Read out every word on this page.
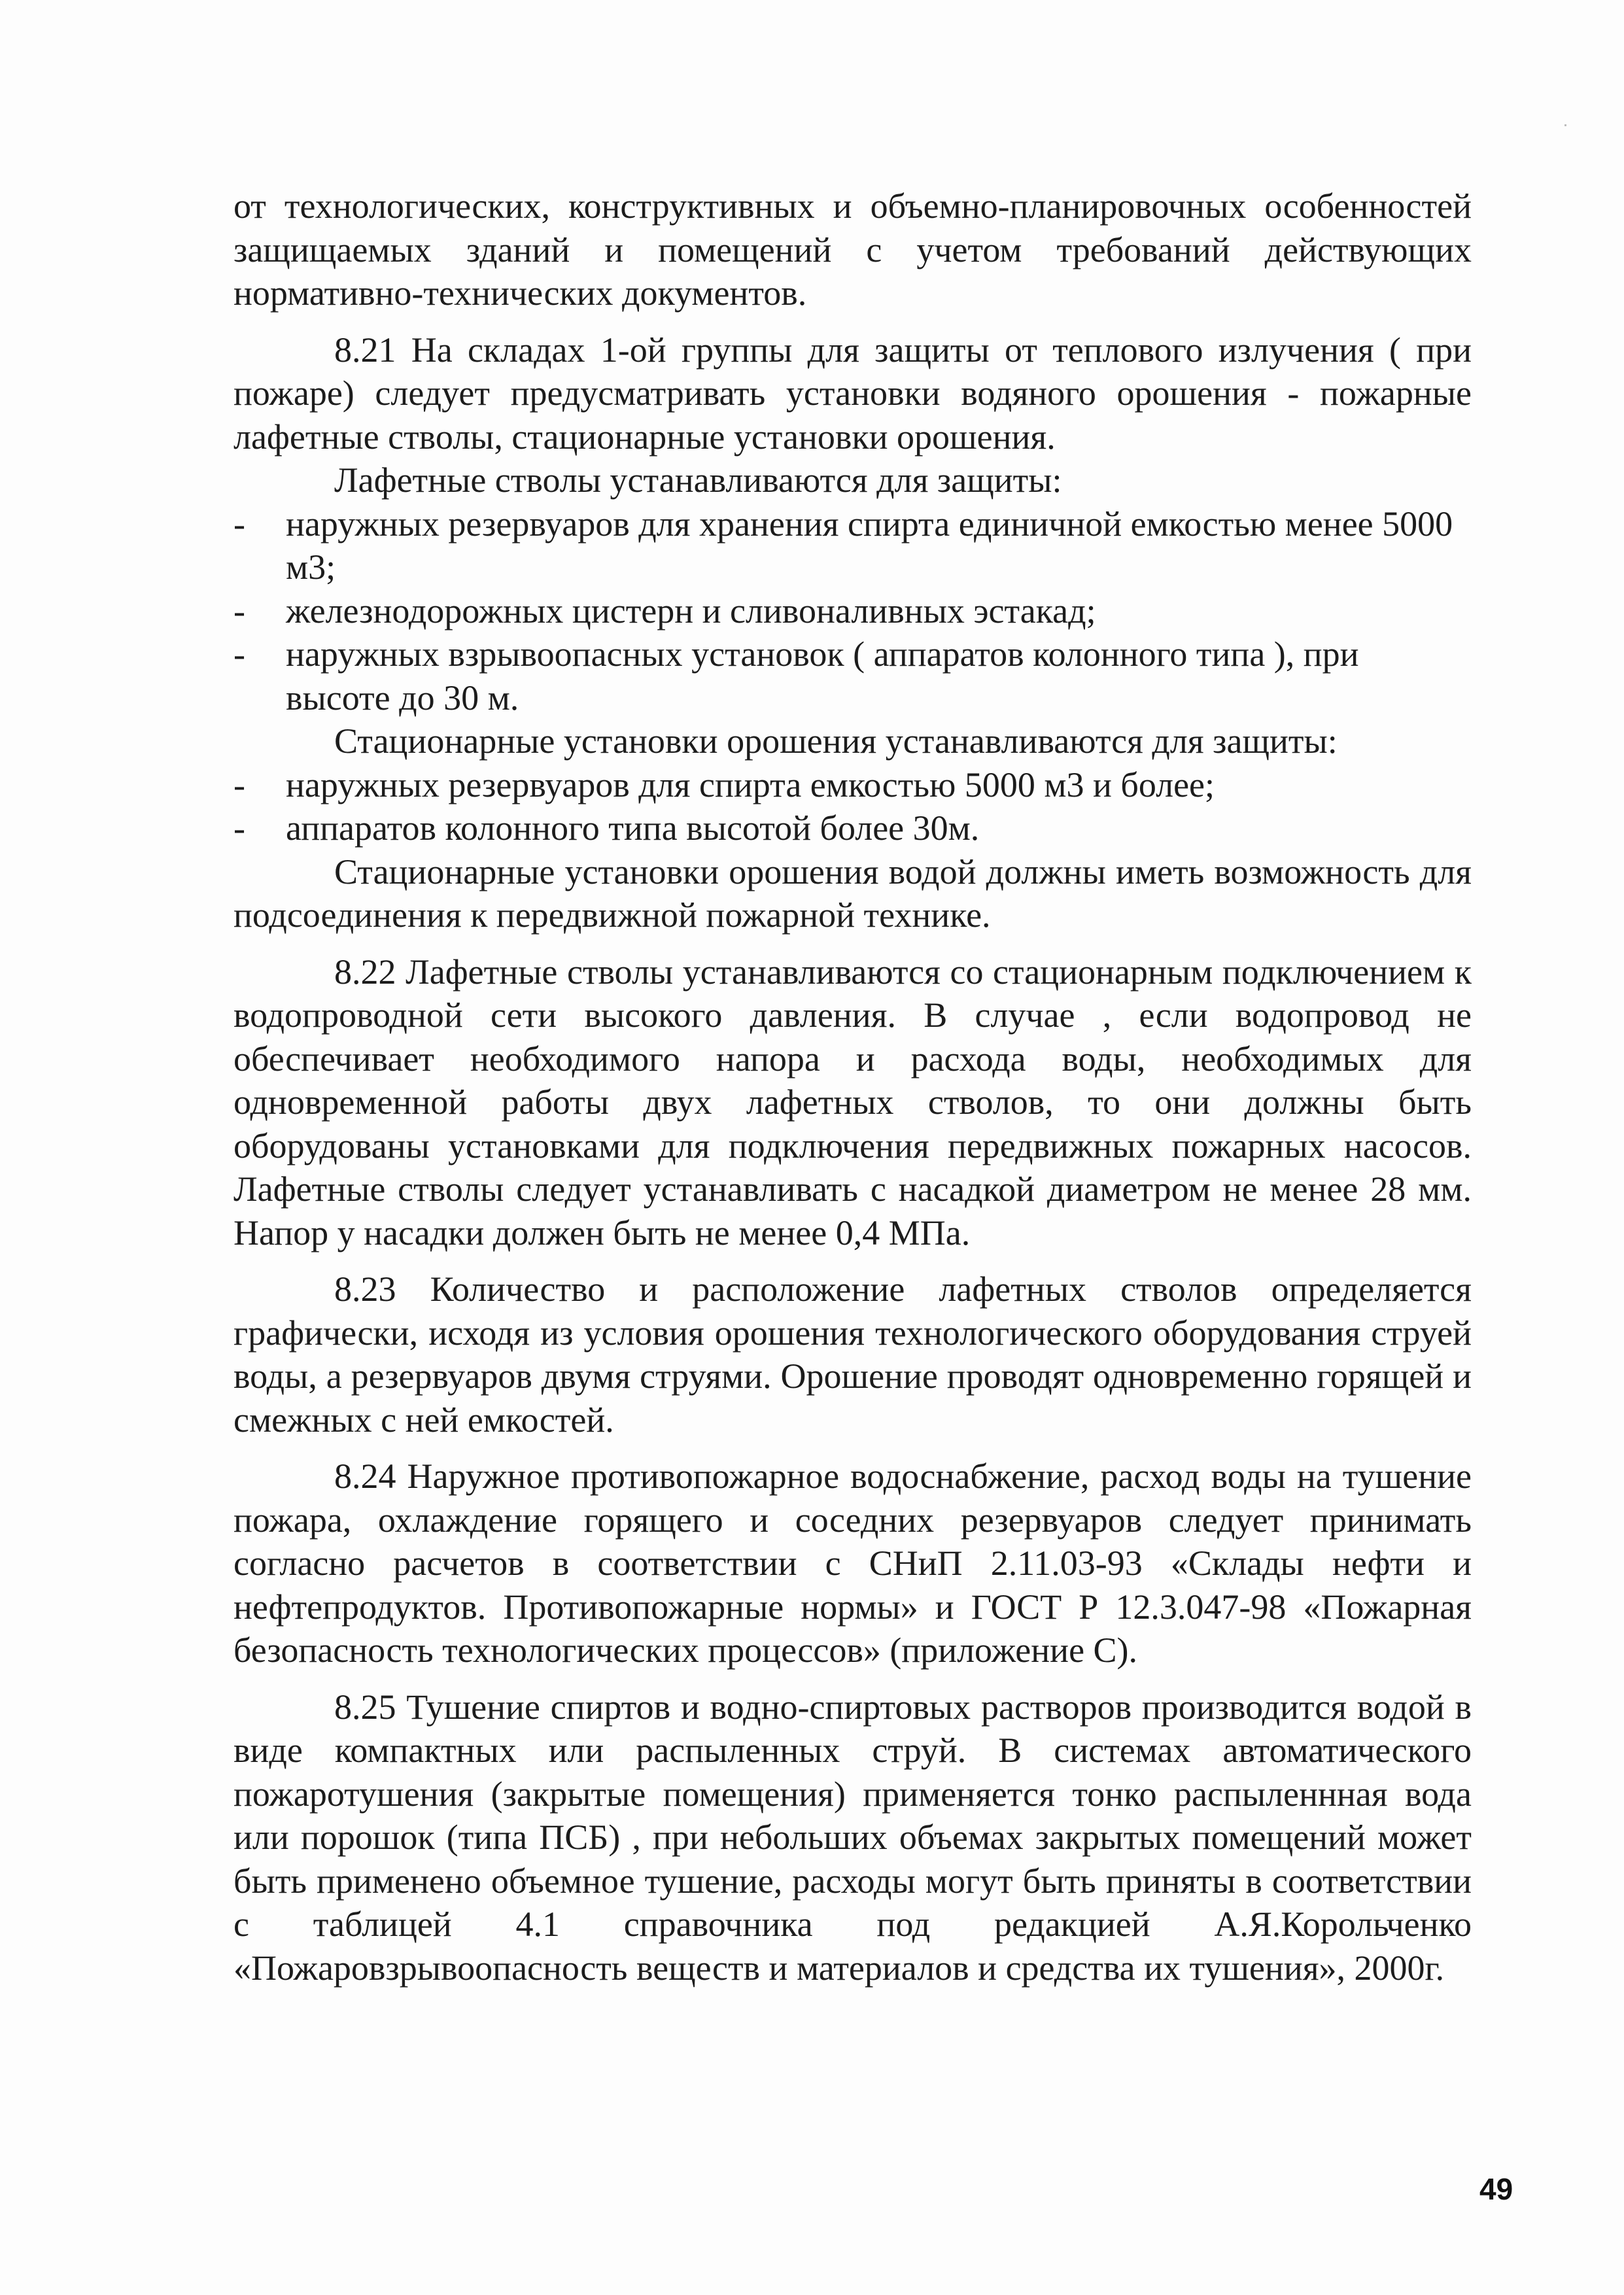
от технологических, конструктивных и объемно-планировочных особенностей защищаемых зданий и помещений с учетом требований действующих нормативно-технических документов.

8.21 На складах 1-ой группы для защиты от теплового излучения ( при пожаре) следует предусматривать установки водяного орошения - пожарные лафетные стволы, стационарные установки орошения.

Лафетные стволы устанавливаются для защиты:

- наружных резервуаров для хранения спирта единичной емкостью менее 5000 м3;

- железнодорожных цистерн и сливоналивных эстакад;

- наружных взрывоопасных установок ( аппаратов колонного типа ), при высоте до 30 м.

Стационарные установки орошения устанавливаются для защиты:

- наружных резервуаров для спирта емкостью 5000 м3 и более;

- аппаратов колонного типа высотой более 30м.

Стационарные установки орошения водой должны иметь возможность для подсоединения к передвижной пожарной технике.

8.22 Лафетные стволы устанавливаются со стационарным подключением к водопроводной сети высокого давления. В случае , если водопровод не обеспечивает необходимого напора и расхода воды, необходимых для одновременной работы двух лафетных стволов, то они должны быть оборудованы установками для подключения передвижных пожарных насосов. Лафетные стволы следует устанавливать с насадкой диаметром не менее 28 мм. Напор у насадки должен быть не менее 0,4 МПа.

8.23 Количество и расположение лафетных стволов определяется графически, исходя из условия орошения технологического оборудования струей воды, а резервуаров двумя струями. Орошение проводят одновременно горящей и смежных с ней емкостей.

8.24 Наружное противопожарное водоснабжение, расход воды на тушение пожара, охлаждение горящего и соседних резервуаров следует принимать согласно расчетов в соответствии с СНиП 2.11.03-93 «Склады нефти и нефтепродуктов. Противопожарные нормы» и ГОСТ Р 12.3.047-98 «Пожарная безопасность технологических процессов» (приложение С).

8.25 Тушение спиртов и водно-спиртовых растворов производится водой в виде компактных или распыленных струй. В системах автоматического пожаротушения (закрытые помещения) применяется тонко распыленнная вода или порошок (типа ПСБ) , при небольших объемах закрытых помещений может быть применено объемное тушение, расходы могут быть приняты в соответствии с таблицей 4.1 справочника под редакцией А.Я.Корольченко «Пожаровзрывоопасность веществ и материалов и средства их тушения», 2000г.

49
